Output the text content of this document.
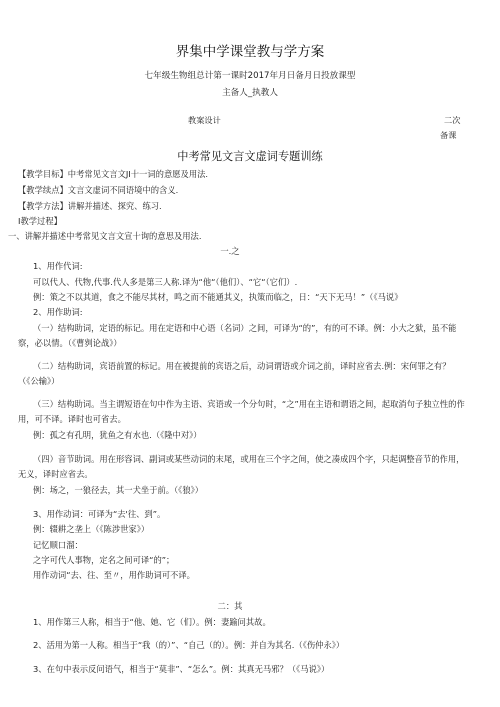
界集中学课堂教与学方案
七年级生物组总计第一课时2017年月日备月日投放课型
主备人_执教人
教案设计	二次
备课
中考常见文言文虚词专题训练
【教学目标】中考常见文言文JI十一词的意愿及用法.
【教学续点】文言文虚词不同语境中的含义.
【教学方法】讲解并描述、探究、练习.
I教学过程】
一、讲解并描述中考常见文言文宣十询的意思及用法.
一.之
1、用作代词:
可以代人、代物,代事.代人多是第三人称.译为“他“（他们）、“它“（它们）.
例：策之不以其道，食之不能尽其材，鸣之而不能通其义，执策而临之，日：“天下无马！”（《马说》
2、用作助词:
（一）结构助词，定语的标记。用在定语和中心语（名词）之间，可译为“的”，有的可不译。例：小大之狱，虽不能察，必以情。（《曹刿论战》）
（二）结构助词，宾语前置的标记。用在被提前的宾语之后，动词谓语或介词之前，译时应省去.例：宋何罪之有？（《公输》）
（三）结构助词。当主谓短语在句中作为主语、宾语或一个分句时，“之”用在主语和谓语之间，起取消句子独立性的作用，可不译。译时也可省去。
例：孤之有孔明，犹鱼之有水也.（《隆中对》）
（四）音节助词。用在形容词、副词或某些动词的末尾，或用在三个字之间，使之凑成四个字，只起调整音节的作用，无义，译时应省去。
例：场之，一狼径去，其一犬坐于前。（《狼》）
3、用作动词：可译为“去'往、到”。
例：辍耕之垄上（《陈涉世家》）
记忆顺口溜：
之字可代人事物，定名之间可译“的”；
用作动词“去、往、至〃，用作助词可不译。
二：其
1、用作第三人称，相当于“他、她、它（们）。例：妻踰问其故。
2、活用为第一人称。相当于“我（的）”、“自己（的）。例：并自为其名.（《伤仲永》）
3、在句中表示反问语气，相当于“莫非”、“怎么”。例：其真无马邪？（《马说》）
